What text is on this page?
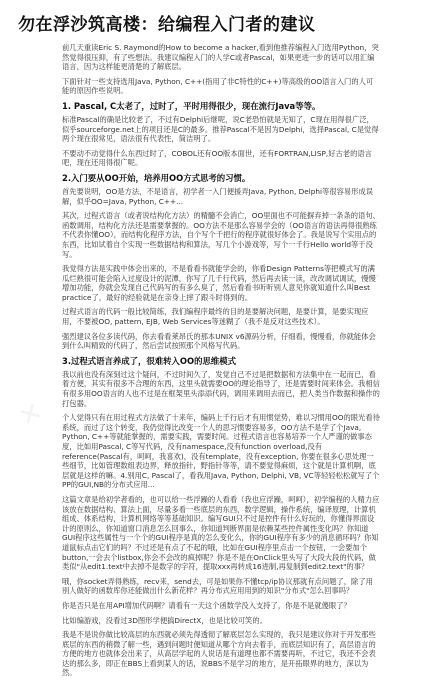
✕
✕
✕
勿在浮沙筑高楼：给编程入门者的建议

前几天重读Eric S. Raymond的How to become a hacker,看到他推荐编程入门选用Python，突然觉得很压抑，有了些想法。我建议编程入门的人学C或者Pascal，如果更进一步的话可以用汇编语言，因为这样能更清楚的了解底层。

下面针对一些支持选用Java, Python, C++(指用了非C特性的C++)等高级的OO语言入门的人可能的原因作些说明。

1. Pascal, C太老了，过时了，平时用得很少，现在流行Java等等。

标准Pascal的确是比较老了，不过有Delphi后继呢，说C老恐怕就是无知了，C现在用得很广泛，似乎sourceforge.net上的项目还是C的最多。推荐Pascal不是因为Delphi，选择Pascal, C是觉得两个现在很常见，语法很有代表性，简洁明了。

不要动不动觉得什么东西过时了，COBOL还有OO版本面世，还有FORTRAN,LISP,好古老的语言吧，现在还用得很广呢。

2.入门要从OO开始，培养用OO方式思考的习惯。

首先要说明，OO是方法，不是语言，初学者一入门便援弄Java, Python, Delphi等很容易形成误解，似乎OO=Java, Python, C++...

其次，过程式语言（或者说结构化方法）的精髓不会消亡，OO里面也不可能摒弃掉一条条的语句、函数调用，结构化方法还是需要掌握的。OO方法不是那么容易学会的（OO语言的语法再得很熟练不代表你懂OO），而结构化程序方法，自个写个千把行的程序就很好体会了。我是说写个实用点的东西，比如试着自个实现一些数据结构和算法，写几个小游戏等，写个一千行Hello world等于没写。

我觉得方法是实践中体会出来的，不是看看书就能学会的，你看Design Patterns等把模式写的满瓜烂熟很可能会陷入过度设计的泥潭，你写了几千行代码，然后再去读一读，改改调试调试，慢慢增加功能，你就会发现自己代码写的有多么臭了，然后看看书听听别人意见你就知道什么叫Best practice了，最好的经验就是在亲身上摔了跟斗时得到的。

过程式语言的代码一般比较简练，我们编程序最终的目的是要解决问题，是要计算，是要实现应用，不要被OO, pattern, EJB, Web Services等迷糊了（我不是反对这些技术）。

强烈建议各位多读代码，你去看看莱昂氏的那本UNIX v6源码分析，仔细看，慢慢看，你就能体会到什么叫精致的代码了，然后尝试按照那个风格写代码。

3.过程式语言养成了，很难转入OO的思维模式

我以前也没有深刻过这个疑问，不过时间久了，发觉自己不过是把数据和方法集中在一起而已，看着方便，其实有很多不合理的东西，这里头就需要OO的理论指导了，还是需要时间来体会。我相信有很多用OO语言的人也不过是在框架里头添添代码，调用来调用去而已，把人类当作数据和操作的打包器。

个人觉得只有在用过程式方法做了十来年，编码上千行后才有用惯觉势，难以习惯用OO的眼光看待系统，而过了这个转变，我仍觉得比改变一个人的思习惯要容易多，OO方法不是学了个Java, Python, C++等就能掌握的，需要实践，需要时间。过程式语言也容易培养一个人严谨的做事态度，比如用Pascal, C等写代码，没有namespace,没有function overload,没有reference(Pascal有，呵呵，我喜欢)，没有template，没有exception, 你要在很多心思处理一些细节，比如管理数组表边界，释放指针，野指针等等，请不要觉得麻烦，这个就是计算机啊，底层就是这样的嘛。4.别用C, Pascal了，看我用Java, Python, Delphi, VB, VC等轻轻松松就写了个PP的GUI,NB的分布式应用...

这篇文章是给初学者看的，也可以给一些浮躁的人看看（我也应浮躁，呵呵），初学编程的人精力应该放在数据结构、算法上面，尽量多看一些底层的东西，数学逻辑，操作系统，编译原理，计算机组成、体系结构，计算机网络等等基础知识。编写GUI只不过是控件有什么好玩的，你懂得界面设计的原则么，你知道窗口消息怎么回事么，你知道判断界面是依赖某些控件属性变化吗？你知道GUI程序这些属性与一个个的GUI程序是真的怎么变化么，你的GUI程序有多少的消息循环吗？你知道鼠标点击它们的吗？不过还是有点了不起的哦，比如在GUI程序里点击一个按钮，一会要加个button,一会去个listbox,你会不会改的疯掉呢？你是不是在OnClick里头写了大段大段的代码，做类似"从edit1.text中去掉不是数字的字符，提取xxx再转成16进制,再复制到edit2.text"的事？

哦，你socket弄得熟练，recv来，send去，可是如果你不懂tcp/ip协议那就有点问题了，除了用别人做好的函数库你还能做出什么新花样？再分布式应用用到的知识"分布式"怎么回事吗？

你是否只是在用API增加代码啊？请看有一天这个函数学没入支持了，你是不是就傻眼了？

比如编游戏，没看过3D图形学便搞DirectX，也是比较可笑的。

我是不是说你做比较高层的东西就必须先得透彻了解底层怎么实现的，我只是建议你对于开发那些底层的东西的稍微了解一些，遇到问题时便知道从哪个方向去着手，而底层知识有了，高层语言的方便的地方也就体会出来了，从高层学起的人说话是有道理也都不需要再听，不过它，我还不会表达的那么多，即正在BBS上看到某人的话，说BBS不是学习的地方，是开拓眼界的地方，深以为然。
